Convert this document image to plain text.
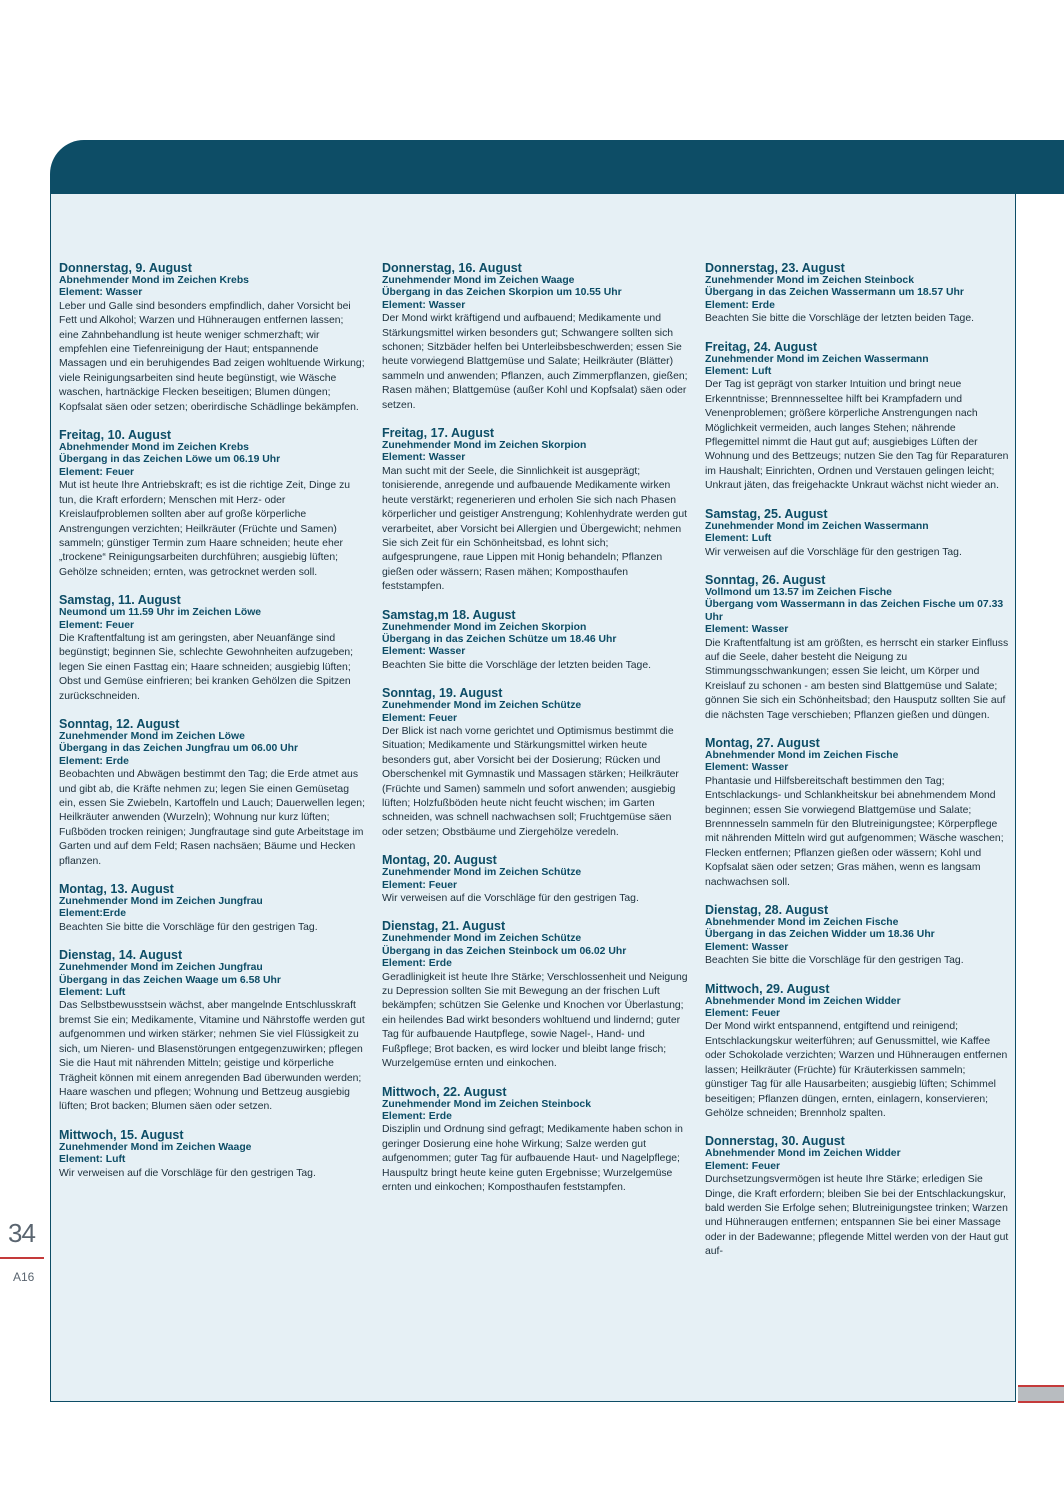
Donnerstag, 9. August
Abnehmender Mond im Zeichen Krebs
Element: Wasser
Leber und Galle sind besonders empfindlich, daher Vorsicht bei Fett und Alkohol; Warzen und Hühneraugen entfernen lassen; eine Zahnbehandlung ist heute weniger schmerzhaft; wir empfehlen eine Tiefenreinigung der Haut; entspannende Massagen und ein beruhigendes Bad zeigen wohltuende Wirkung; viele Reinigungsarbeiten sind heute begünstigt, wie Wäsche waschen, hartnäckige Flecken beseitigen; Blumen düngen; Kopfsalat säen oder setzen; oberirdische Schädlinge bekämpfen.
Freitag, 10. August
Abnehmender Mond im Zeichen Krebs
Übergang in das Zeichen Löwe um 06.19 Uhr
Element: Feuer
Mut ist heute Ihre Antriebskraft; es ist die richtige Zeit, Dinge zu tun, die Kraft erfordern; Menschen mit Herz- oder Kreislaufproblemen sollten aber auf große körperliche Anstrengungen verzichten; Heilkräuter (Früchte und Samen) sammeln; günstiger Termin zum Haare schneiden; heute eher „trockene“ Reinigungsarbeiten durchführen; ausgiebig lüften; Gehölze schneiden; ernten, was getrocknet werden soll.
Samstag, 11. August
Neumond um 11.59 Uhr im Zeichen Löwe
Element: Feuer
Die Kraftentfaltung ist am geringsten, aber Neuanfänge sind begünstigt; beginnen Sie, schlechte Gewohnheiten aufzugeben; legen Sie einen Fasttag ein; Haare schneiden; ausgiebig lüften; Obst und Gemüse einfrieren; bei kranken Gehölzen die Spitzen zurückschneiden.
Sonntag, 12. August
Zunehmender Mond im Zeichen Löwe
Übergang in das Zeichen Jungfrau um 06.00 Uhr
Element: Erde
Beobachten und Abwägen bestimmt den Tag; die Erde atmet aus und gibt ab, die Kräfte nehmen zu; legen Sie einen Gemüsetag ein, essen Sie Zwiebeln, Kartoffeln und Lauch; Dauerwellen legen; Heilkräuter anwenden (Wurzeln); Wohnung nur kurz lüften; Fußböden trocken reinigen; Jungfrautage sind gute Arbeitstage im Garten und auf dem Feld; Rasen nachsäen; Bäume und Hecken pflanzen.
Montag, 13. August
Zunehmender Mond im Zeichen Jungfrau
Element:Erde
Beachten Sie bitte die Vorschläge für den gestrigen Tag.
Dienstag, 14. August
Zunehmender Mond im Zeichen Jungfrau
Übergang in das Zeichen Waage um 6.58 Uhr
Element: Luft
Das Selbstbewusstsein wächst, aber mangelnde Entschlusskraft bremst Sie ein; Medikamente, Vitamine und Nährstoffe werden gut aufgenommen und wirken stärker; nehmen Sie viel Flüssigkeit zu sich, um Nieren- und Blasenstörungen entgegenzuwirken; pflegen Sie die Haut mit nährenden Mitteln; geistige und körperliche Trägheit können mit einem anregenden Bad überwunden werden; Haare waschen und pflegen; Wohnung und Bettzeug ausgiebig lüften; Brot backen; Blumen säen oder setzen.
Mittwoch, 15. August
Zunehmender Mond im Zeichen Waage
Element: Luft
Wir verweisen auf die Vorschläge für den gestrigen Tag.
Donnerstag, 16. August
Zunehmender Mond im Zeichen Waage
Übergang in das Zeichen Skorpion um 10.55 Uhr
Element: Wasser
Der Mond wirkt kräftigend und aufbauend; Medikamente und Stärkungsmittel wirken besonders gut; Schwangere sollten sich schonen; Sitzbäder helfen bei Unterleibsbeschwerden; essen Sie heute vorwiegend Blattgemüse und Salate; Heilkräuter (Blätter) sammeln und anwenden; Pflanzen, auch Zimmerpflanzen, gießen; Rasen mähen; Blattgemüse (außer Kohl und Kopfsalat) säen oder setzen.
Freitag, 17. August
Zunehmender Mond im Zeichen Skorpion
Element: Wasser
Man sucht mit der Seele, die Sinnlichkeit ist ausgeprägt; tonisierende, anregende und aufbauende Medikamente wirken heute verstärkt; regenerieren und erholen Sie sich nach Phasen körperlicher und geistiger Anstrengung; Kohlenhydrate werden gut verarbeitet, aber Vorsicht bei Allergien und Übergewicht; nehmen Sie sich Zeit für ein Schönheitsbad, es lohnt sich; aufgesprungene, raue Lippen mit Honig behandeln; Pflanzen gießen oder wässern; Rasen mähen; Komposthaufen feststampfen.
Samstag,m 18. August
Zunehmender Mond im Zeichen Skorpion
Übergang in das Zeichen Schütze um 18.46 Uhr
Element: Wasser
Beachten Sie bitte die Vorschläge der letzten beiden Tage.
Sonntag, 19. August
Zunehmender Mond im Zeichen Schütze
Element: Feuer
Der Blick ist nach vorne gerichtet und Optimismus bestimmt die Situation; Medikamente und Stärkungsmittel wirken heute besonders gut, aber Vorsicht bei der Dosierung; Rücken und Oberschenkel mit Gymnastik und Massagen stärken; Heilkräuter (Früchte und Samen) sammeln und sofort anwenden; ausgiebig lüften; Holzfußböden heute nicht feucht wischen; im Garten schneiden, was schnell nachwachsen soll; Fruchtgemüse säen oder setzen; Obstbäume und Ziergehölze veredeln.
Montag, 20. August
Zunehmender Mond im Zeichen Schütze
Element: Feuer
Wir verweisen auf die Vorschläge für den gestrigen Tag.
Dienstag, 21. August
Zunehmender Mond im Zeichen Schütze
Übergang in das Zeichen Steinbock um 06.02 Uhr
Element: Erde
Geradlinigkeit ist heute Ihre Stärke; Verschlossenheit und Neigung zu Depression sollten Sie mit Bewegung an der frischen Luft bekämpfen; schützen Sie Gelenke und Knochen vor Überlastung; ein heilendes Bad wirkt besonders wohltuend und lindernd; guter Tag für aufbauende Hautpflege, sowie Nagel-, Hand- und Fußpflege; Brot backen, es wird locker und bleibt lange frisch; Wurzelgemüse ernten und einkochen.
Mittwoch, 22. August
Zunehmender Mond im Zeichen Steinbock
Element: Erde
Disziplin und Ordnung sind gefragt; Medikamente haben schon in geringer Dosierung eine hohe Wirkung; Salze werden gut aufgenommen; guter Tag für aufbauende Haut- und Nagelpflege; Hauspultz bringt heute keine guten Ergebnisse; Wurzelgemüse ernten und einkochen; Komposthaufen feststampfen.
Donnerstag, 23. August
Zunehmender Mond im Zeichen Steinbock
Übergang in das Zeichen Wassermann um 18.57 Uhr
Element: Erde
Beachten Sie bitte die Vorschläge der letzten beiden Tage.
Freitag, 24. August
Zunehmender Mond im Zeichen Wassermann
Element: Luft
Der Tag ist geprägt von starker Intuition und bringt neue Erkenntnisse; Brennnesseltee hilft bei Krampfadern und Venenproblemen; größere körperliche Anstrengungen nach Möglichkeit vermeiden, auch langes Stehen; nährende Pflegemittel nimmt die Haut gut auf; ausgiebiges Lüften der Wohnung und des Bettzeugs; nutzen Sie den Tag für Reparaturen im Haushalt; Einrichten, Ordnen und Verstauen gelingen leicht; Unkraut jäten, das freigehackte Unkraut wächst nicht wieder an.
Samstag, 25. August
Zunehmender Mond im Zeichen Wassermann
Element: Luft
Wir verweisen auf die Vorschläge für den gestrigen Tag.
Sonntag, 26. August
Vollmond um 13.57 im Zeichen Fische
Übergang vom Wassermann in das Zeichen Fische um 07.33 Uhr
Element: Wasser
Die Kraftentfaltung ist am größten, es herrscht ein starker Einfluss auf die Seele, daher besteht die Neigung zu Stimmungsschwankungen; essen Sie leicht, um Körper und Kreislauf zu schonen - am besten sind Blattgemüse und Salate; gönnen Sie sich ein Schönheitsbad; den Hausputz sollten Sie auf die nächsten Tage verschieben; Pflanzen gießen und düngen.
Montag, 27. August
Abnehmender Mond im Zeichen Fische
Element: Wasser
Phantasie und Hilfsbereitschaft bestimmen den Tag; Entschlackungs- und Schlankheitskur bei abnehmendem Mond beginnen; essen Sie vorwiegend Blattgemüse und Salate; Brennnesseln sammeln für den Blutreinigungstee; Körperpflege mit nährenden Mitteln wird gut aufgenommen; Wäsche waschen; Flecken entfernen; Pflanzen gießen oder wässern; Kohl und Kopfsalat säen oder setzen; Gras mähen, wenn es langsam nachwachsen soll.
Dienstag, 28. August
Abnehmender Mond im Zeichen Fische
Übergang in das Zeichen Widder um 18.36 Uhr
Element: Wasser
Beachten Sie bitte die Vorschläge für den gestrigen Tag.
Mittwoch, 29. August
Abnehmender Mond im Zeichen Widder
Element: Feuer
Der Mond wirkt entspannend, entgiftend und reinigend; Entschlackungskur weiterführen; auf Genussmittel, wie Kaffee oder Schokolade verzichten; Warzen und Hühneraugen entfernen lassen; Heilkräuter (Früchte) für Kräuterkissen sammeln; günstiger Tag für alle Hausarbeiten; ausgiebig lüften; Schimmel beseitigen; Pflanzen düngen, ernten, einlagern, konservieren; Gehölze schneiden; Brennholz spalten.
Donnerstag, 30. August
Abnehmender Mond im Zeichen Widder
Element: Feuer
Durchsetzungsvermögen ist heute Ihre Stärke; erledigen Sie Dinge, die Kraft erfordern; bleiben Sie bei der Entschlackungskur, bald werden Sie Erfolge sehen; Blutreinigungstee trinken; Warzen und Hühneraugen entfernen; entspannen Sie bei einer Massage oder in der Badewanne; pflegende Mittel werden von der Haut gut auf-
34
A16
